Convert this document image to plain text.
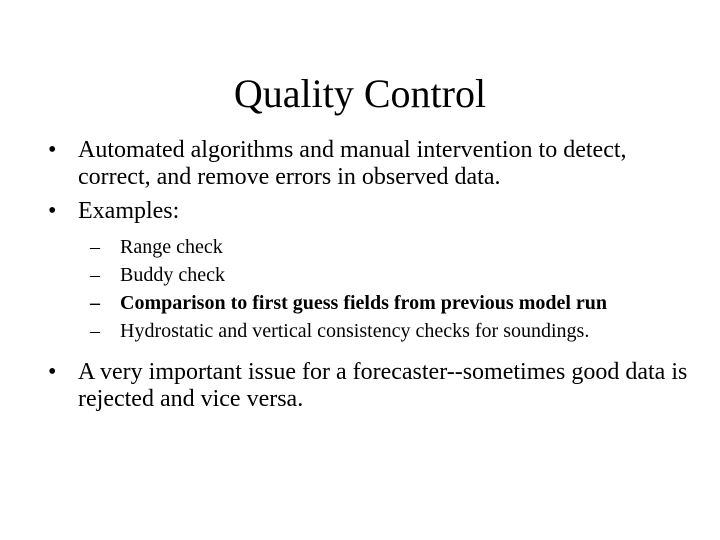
Quality Control
• Automated algorithms and manual intervention to detect, correct, and remove errors in observed data.
• Examples:
– Range check
– Buddy check
– Comparison to first guess fields from previous model run
– Hydrostatic and vertical consistency checks for soundings.
• A very important issue for a forecaster--sometimes good data is rejected and vice versa.
